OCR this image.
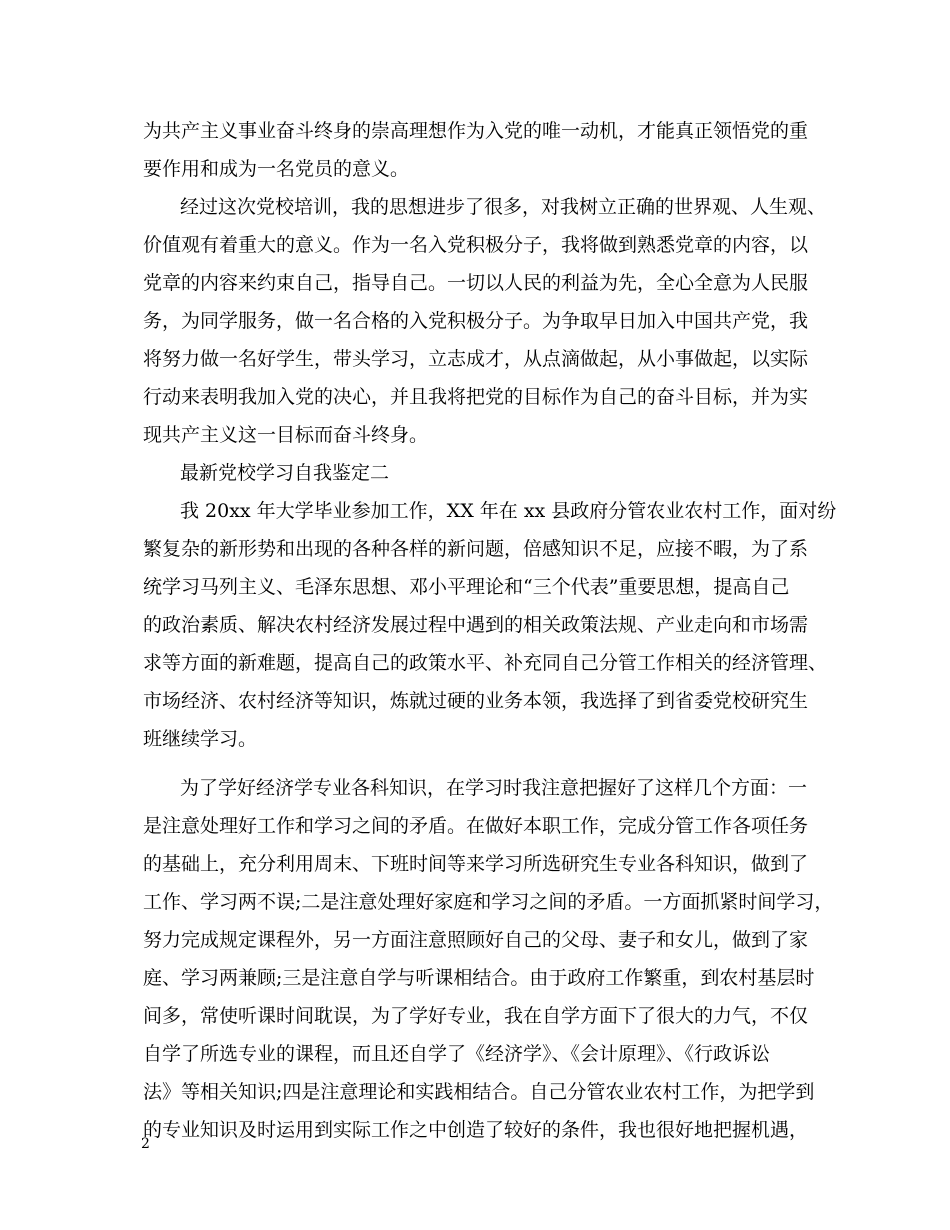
为共产主义事业奋斗终身的崇高理想作为入党的唯一动机，才能真正领悟党的重

要作用和成为一名党员的意义。

经过这次党校培训，我的思想进步了很多，对我树立正确的世界观、人生观、

价值观有着重大的意义。作为一名入党积极分子，我将做到熟悉党章的内容，以

党章的内容来约束自己，指导自己。一切以人民的利益为先，全心全意为人民服

务，为同学服务，做一名合格的入党积极分子。为争取早日加入中国共产党，我

将努力做一名好学生，带头学习，立志成才，从点滴做起，从小事做起，以实际

行动来表明我加入党的决心，并且我将把党的目标作为自己的奋斗目标，并为实

现共产主义这一目标而奋斗终身。

最新党校学习自我鉴定二

我 20xx 年大学毕业参加工作，XX 年在 xx 县政府分管农业农村工作，面对纷

繁复杂的新形势和出现的各种各样的新问题，倍感知识不足，应接不暇，为了系

统学习马列主义、毛泽东思想、邓小平理论和“三个代表”重要思想，提高自己

的政治素质、解决农村经济发展过程中遇到的相关政策法规、产业走向和市场需

求等方面的新难题，提高自己的政策水平、补充同自己分管工作相关的经济管理、

市场经济、农村经济等知识，炼就过硬的业务本领，我选择了到省委党校研究生

班继续学习。

为了学好经济学专业各科知识，在学习时我注意把握好了这样几个方面：一

是注意处理好工作和学习之间的矛盾。在做好本职工作，完成分管工作各项任务

的基础上，充分利用周末、下班时间等来学习所选研究生专业各科知识，做到了

工作、学习两不误;二是注意处理好家庭和学习之间的矛盾。一方面抓紧时间学习，

努力完成规定课程外，另一方面注意照顾好自己的父母、妻子和女儿，做到了家

庭、学习两兼顾;三是注意自学与听课相结合。由于政府工作繁重，到农村基层时

间多，常使听课时间耽误，为了学好专业，我在自学方面下了很大的力气，不仅

自学了所选专业的课程，而且还自学了《经济学》、《会计原理》、《行政诉讼

法》等相关知识;四是注意理论和实践相结合。自己分管农业农村工作，为把学到

的专业知识及时运用到实际工作之中创造了较好的条件，我也很好地把握机遇，

2
